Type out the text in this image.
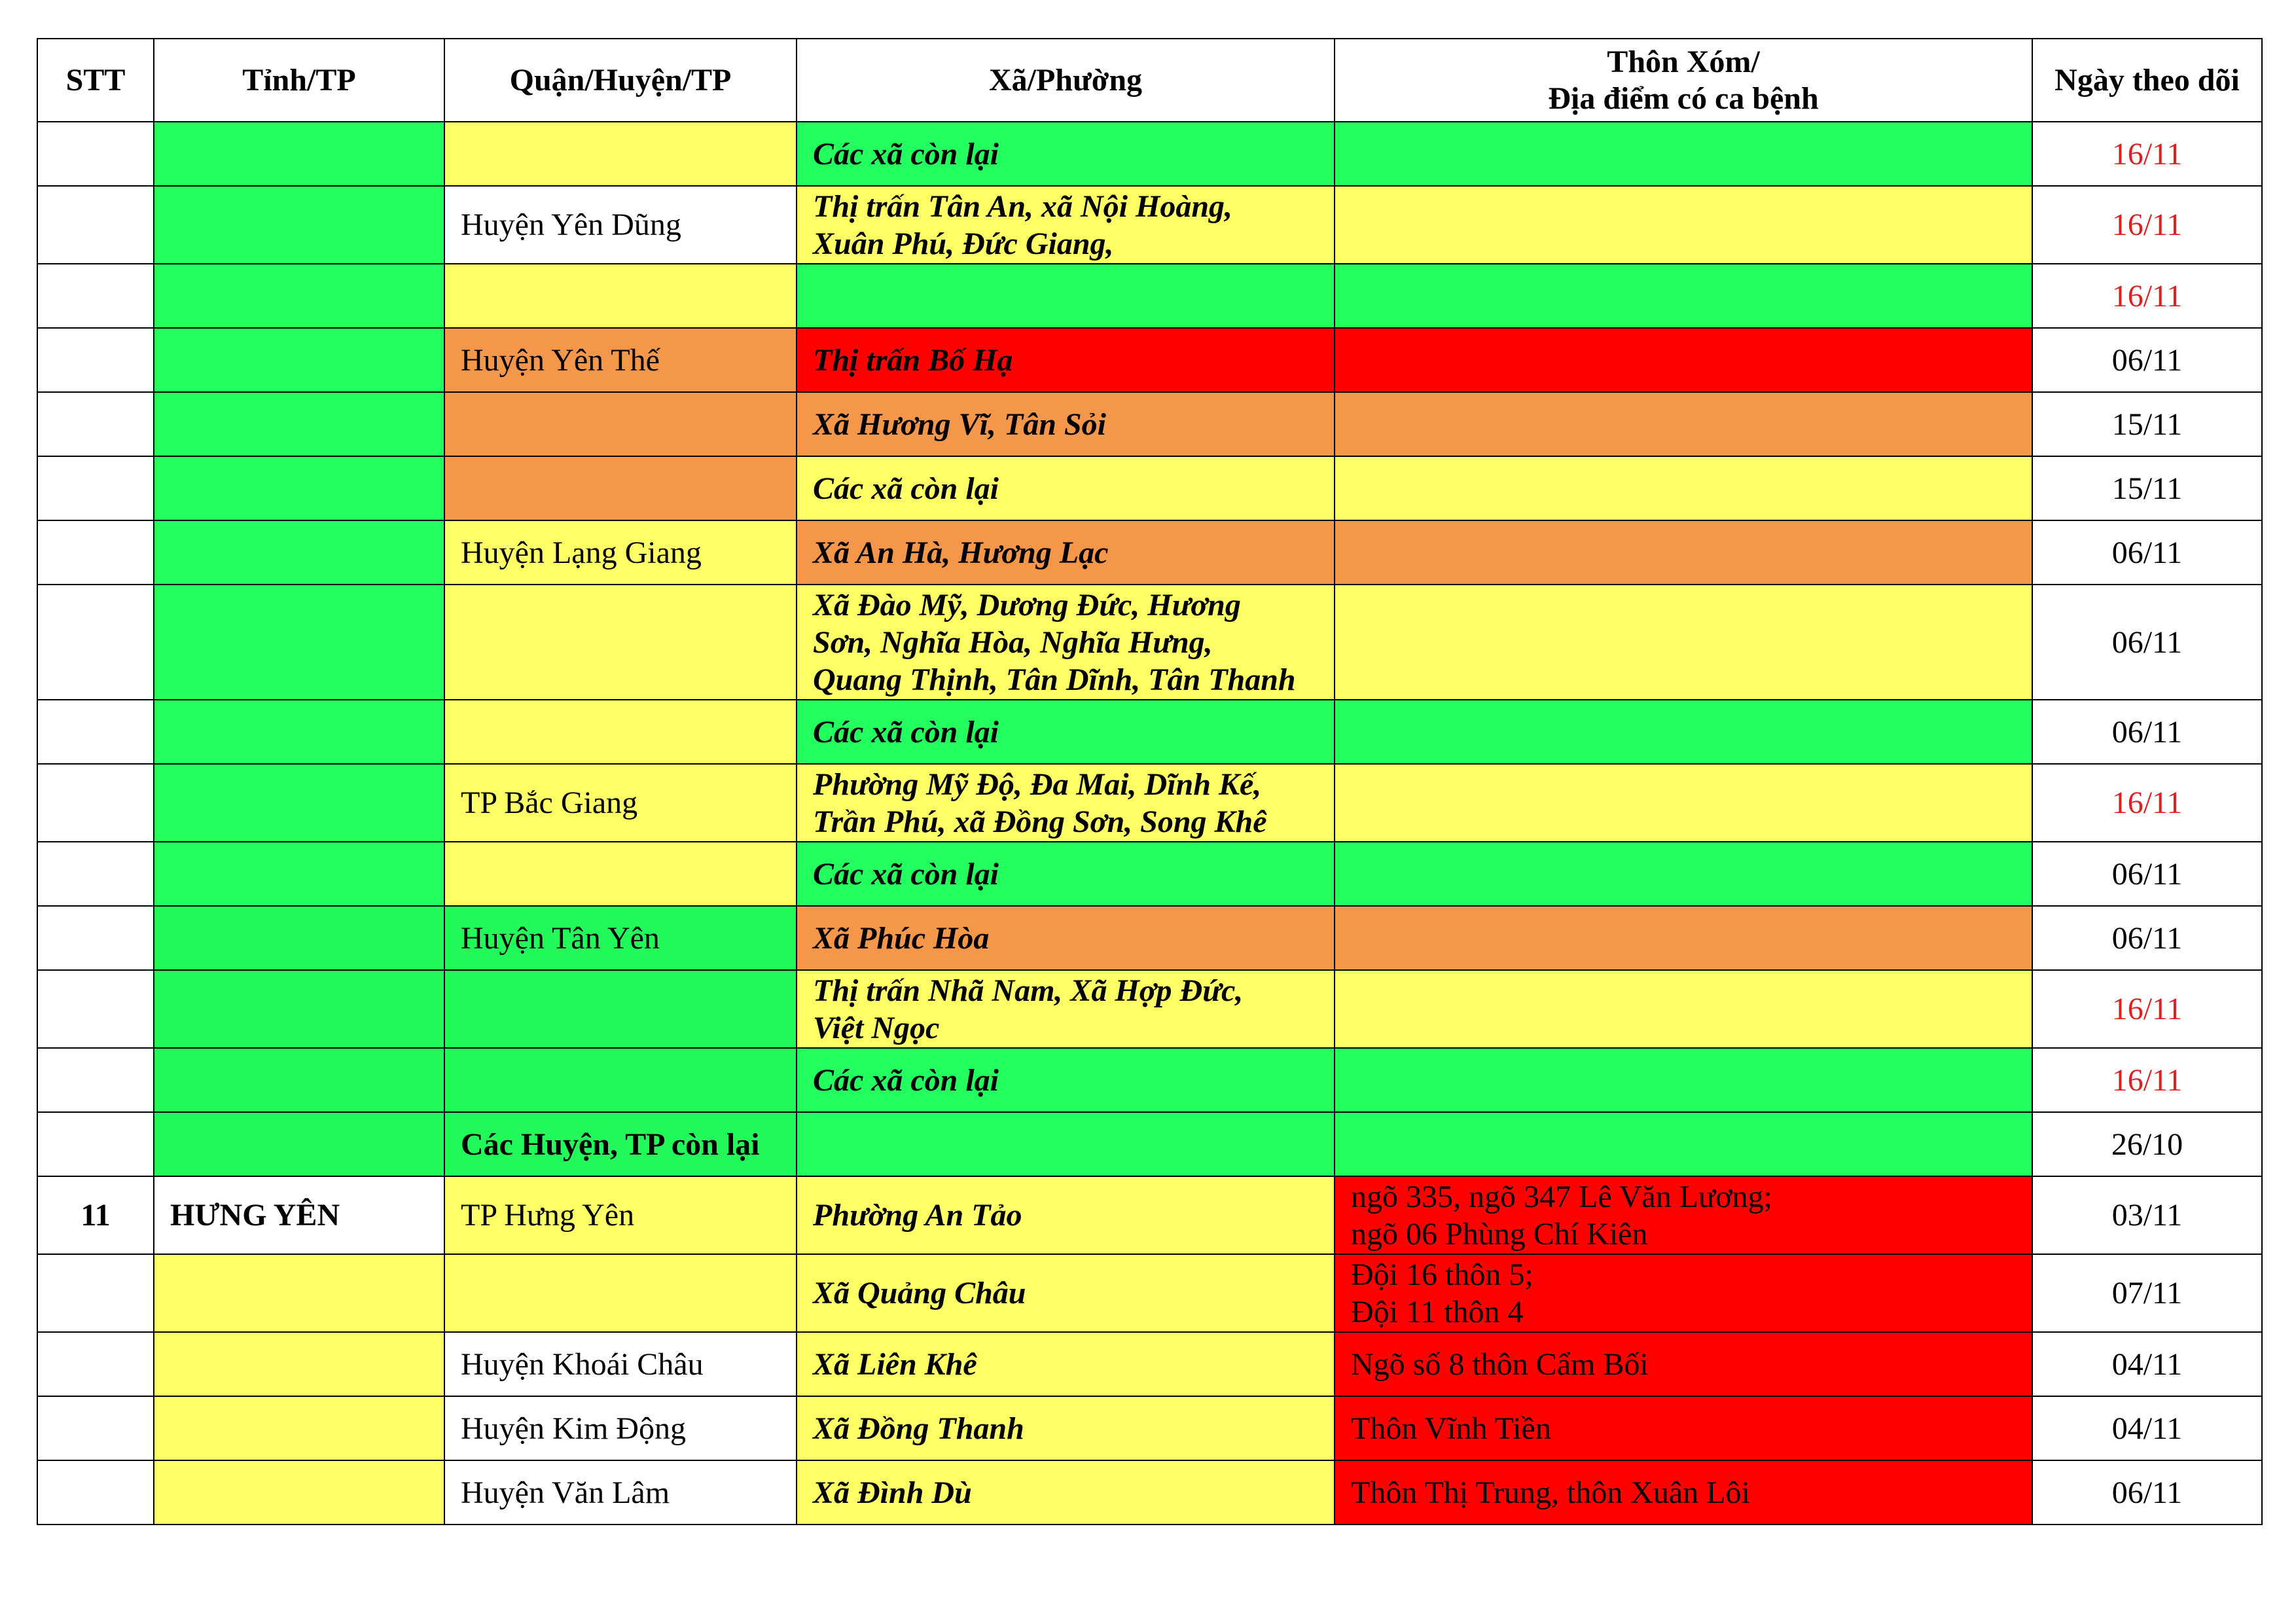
STT	Tỉnh/TP	Quận/Huyện/TP	Xã/Phường	Thôn Xóm/
Địa điểm có ca bệnh	Ngày theo dõi
			Các xã còn lại		16/11
		Huyện Yên Dũng	Thị trấn Tân An, xã Nội Hoàng,
Xuân Phú, Đức Giang,		16/11
					16/11
		Huyện Yên Thế	Thị trấn Bố Hạ		06/11
			Xã Hương Vĩ, Tân Sỏi		15/11
			Các xã còn lại		15/11
		Huyện Lạng Giang	Xã An Hà, Hương Lạc		06/11
			Xã Đào Mỹ, Dương Đức, Hương
Sơn, Nghĩa Hòa, Nghĩa Hưng,
Quang Thịnh, Tân Dĩnh, Tân Thanh		06/11
			Các xã còn lại		06/11
		TP Bắc Giang	Phường Mỹ Độ, Đa Mai, Dĩnh Kế,
Trần Phú, xã Đồng Sơn, Song Khê		16/11
			Các xã còn lại		06/11
		Huyện Tân Yên	Xã Phúc Hòa		06/11
			Thị trấn Nhã Nam, Xã Hợp Đức,
Việt Ngọc		16/11
			Các xã còn lại		16/11
		Các Huyện, TP còn lại			26/10
11	HƯNG YÊN	TP Hưng Yên	Phường An Tảo	ngõ 335, ngõ 347 Lê Văn Lương;
ngõ 06 Phùng Chí Kiên	03/11
			Xã Quảng Châu	Đội 16 thôn 5;
Đội 11 thôn 4	07/11
		Huyện Khoái Châu	Xã Liên Khê	Ngõ số 8 thôn Cẩm Bối	04/11
		Huyện Kim Động	Xã Đồng Thanh	Thôn Vĩnh Tiền	04/11
		Huyện Văn Lâm	Xã Đình Dù	Thôn Thị Trung, thôn Xuân Lôi	06/11
